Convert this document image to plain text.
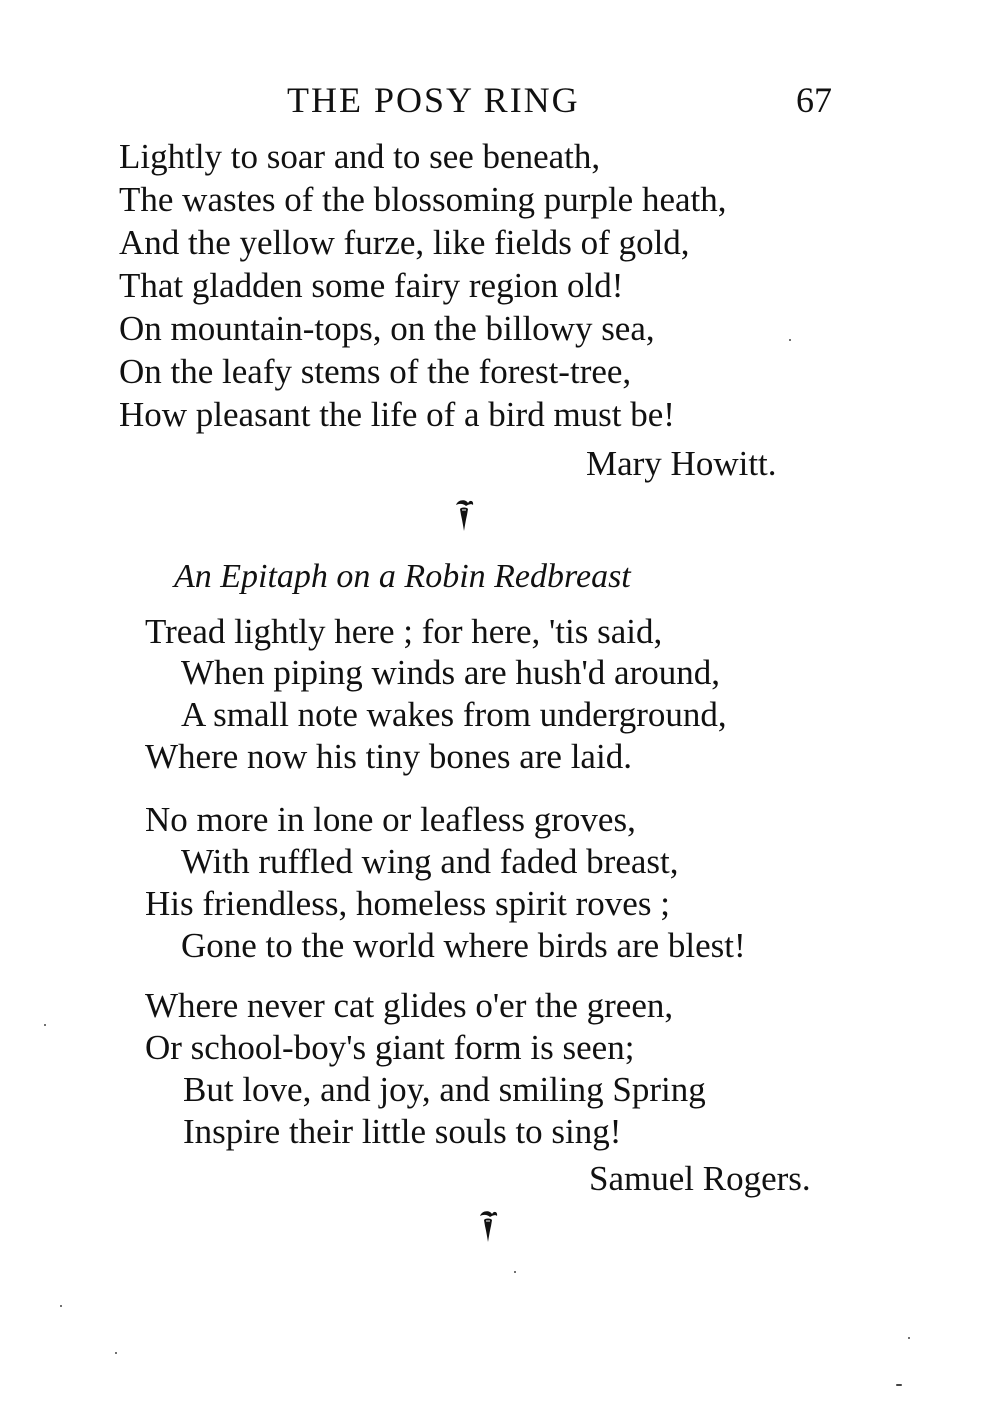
THE POSY RING	67
Lightly to soar and to see beneath,
The wastes of the blossoming purple heath,
And the yellow furze, like fields of gold,
That gladden some fairy region old!
On mountain-tops, on the billowy sea,
On the leafy stems of the forest-tree,
How pleasant the life of a bird must be!
Mary Howitt.
An Epitaph on a Robin Redbreast
Tread lightly here ; for here, 'tis said,
When piping winds are hush'd around,
A small note wakes from underground,
Where now his tiny bones are laid.
No more in lone or leafless groves,
With ruffled wing and faded breast,
His friendless, homeless spirit roves ;
Gone to the world where birds are blest!
Where never cat glides o'er the green,
Or school-boy's giant form is seen;
But love, and joy, and smiling Spring
Inspire their little souls to sing!
Samuel Rogers.
